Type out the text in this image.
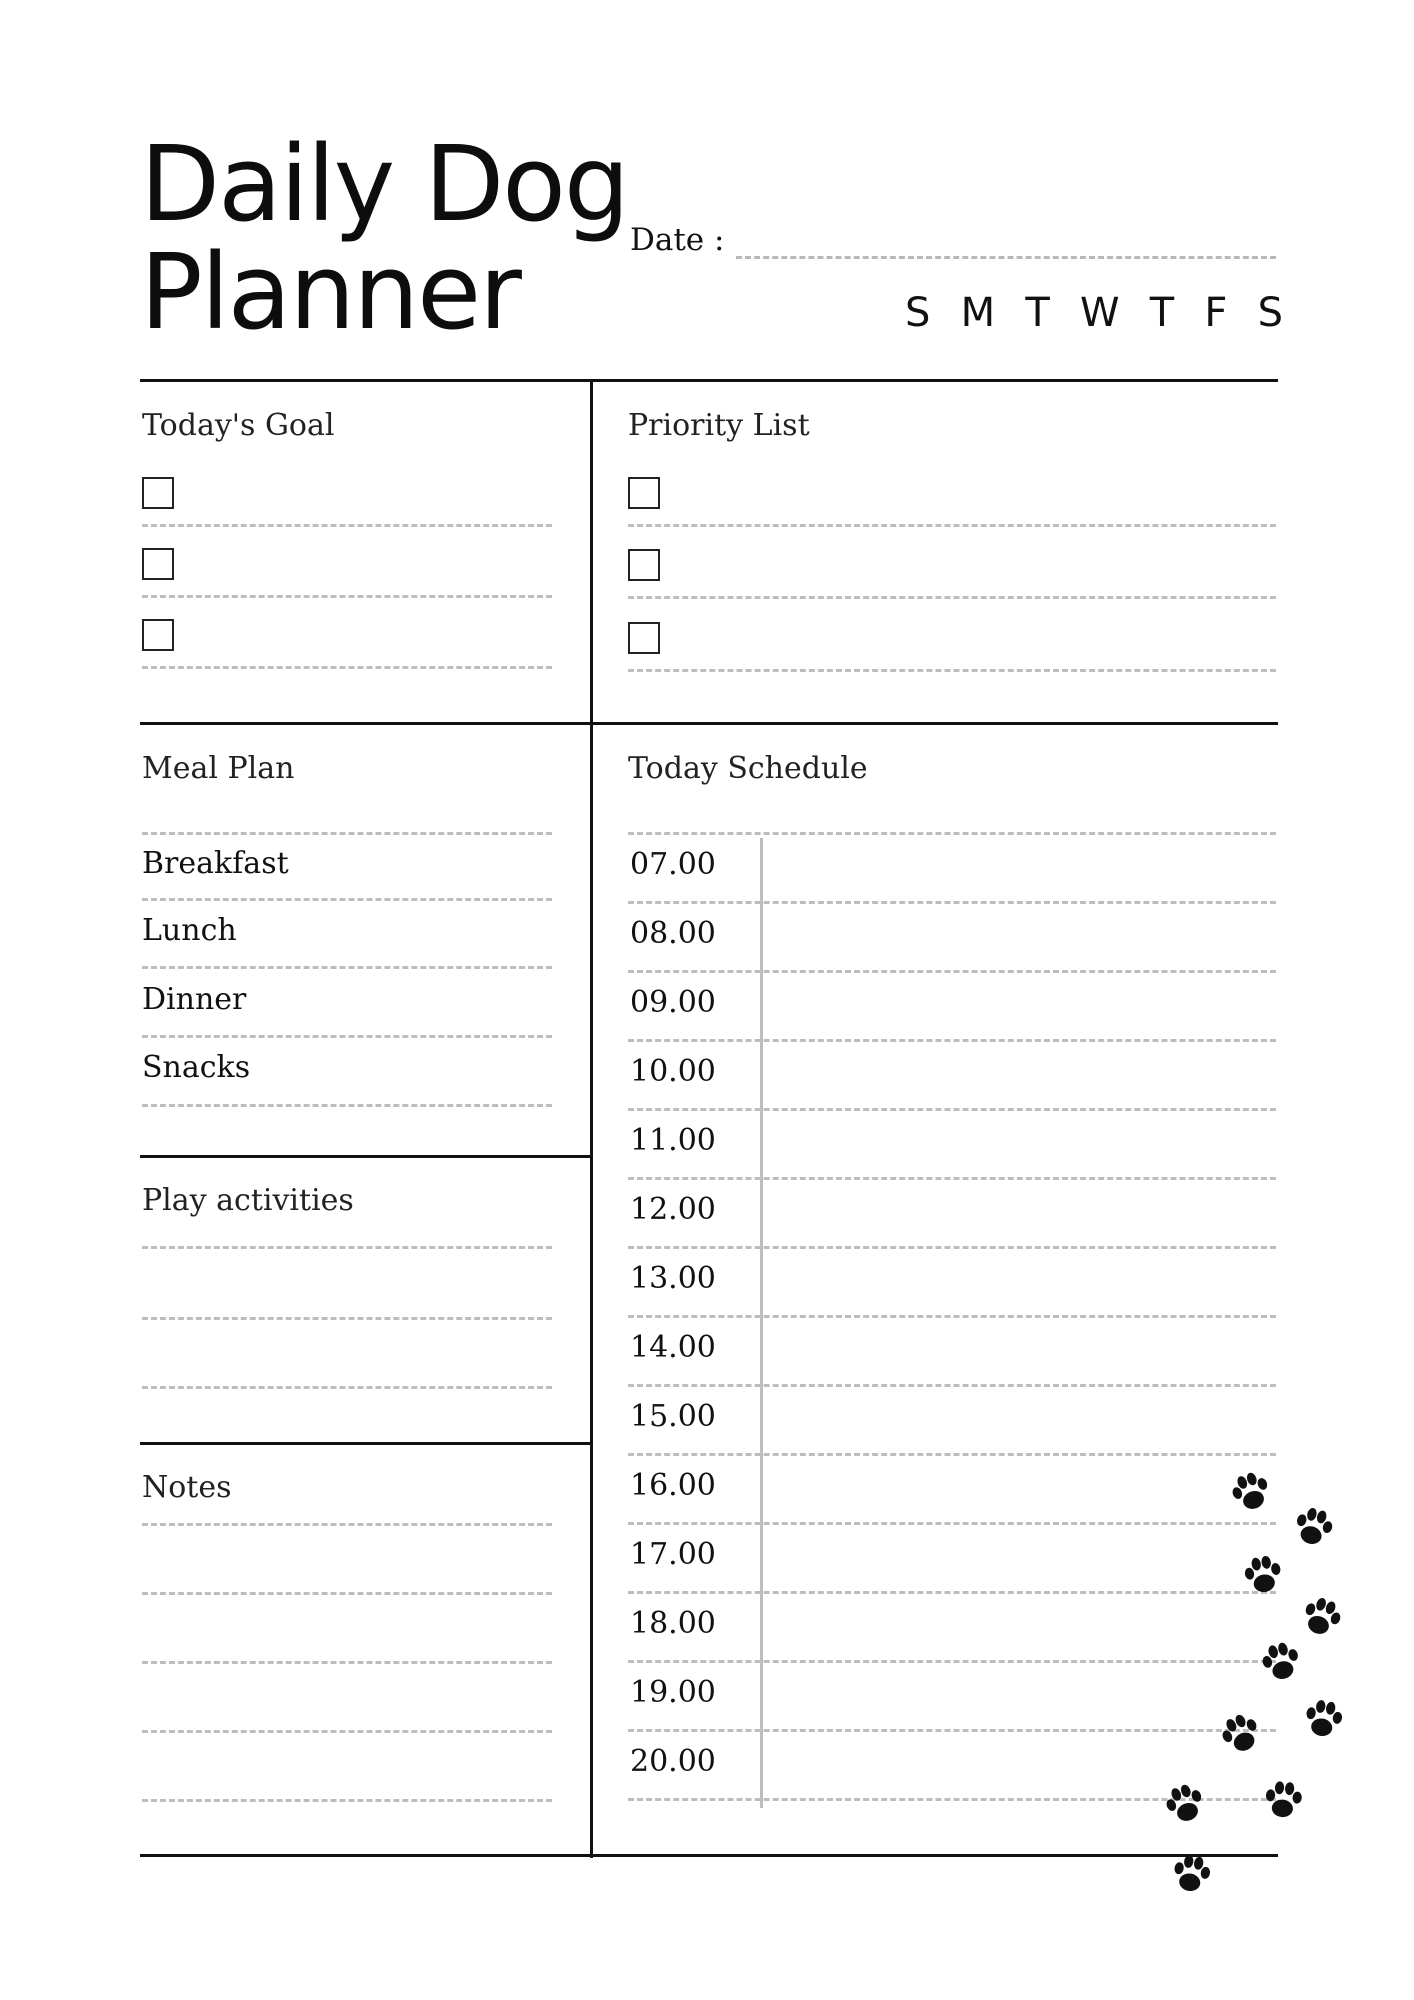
Daily Dog
Planner	Date :
S M T W T F S
Today's Goal	Priority List
Meal Plan
Breakfast
Lunch
Dinner
Snacks
Play activities
Notes
Today Schedule
07.00
08.00
09.00
10.00
11.00
12.00
13.00
14.00
15.00
16.00
17.00
18.00
19.00
20.00
